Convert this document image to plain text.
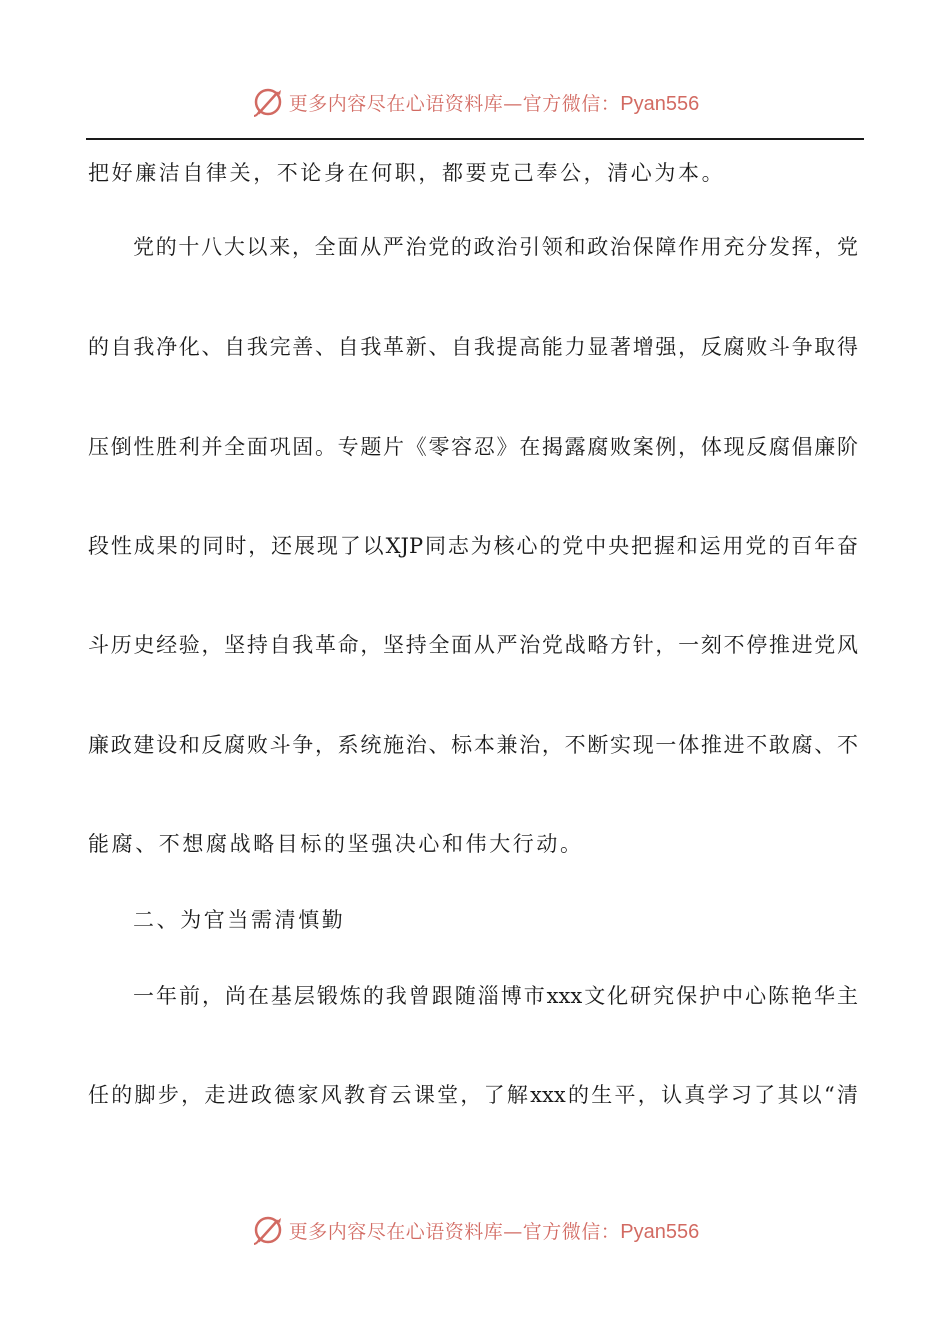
更多内容尽在心语资料库—官方微信：Pyan556
把好廉洁自律关，不论身在何职，都要克己奉公，清心为本。
党的十八大以来，全面从严治党的政治引领和政治保障作用充分发挥，党
的自我净化、自我完善、自我革新、自我提高能力显著增强，反腐败斗争取得
压倒性胜利并全面巩固。专题片《零容忍》在揭露腐败案例，体现反腐倡廉阶
段性成果的同时，还展现了以XJP同志为核心的党中央把握和运用党的百年奋
斗历史经验，坚持自我革命，坚持全面从严治党战略方针，一刻不停推进党风
廉政建设和反腐败斗争，系统施治、标本兼治，不断实现一体推进不敢腐、不
能腐、不想腐战略目标的坚强决心和伟大行动。
二、为官当需清慎勤
一年前，尚在基层锻炼的我曾跟随淄博市xxx文化研究保护中心陈艳华主
任的脚步，走进政德家风教育云课堂，了解xxx的生平，认真学习了其以“清
更多内容尽在心语资料库—官方微信：Pyan556
